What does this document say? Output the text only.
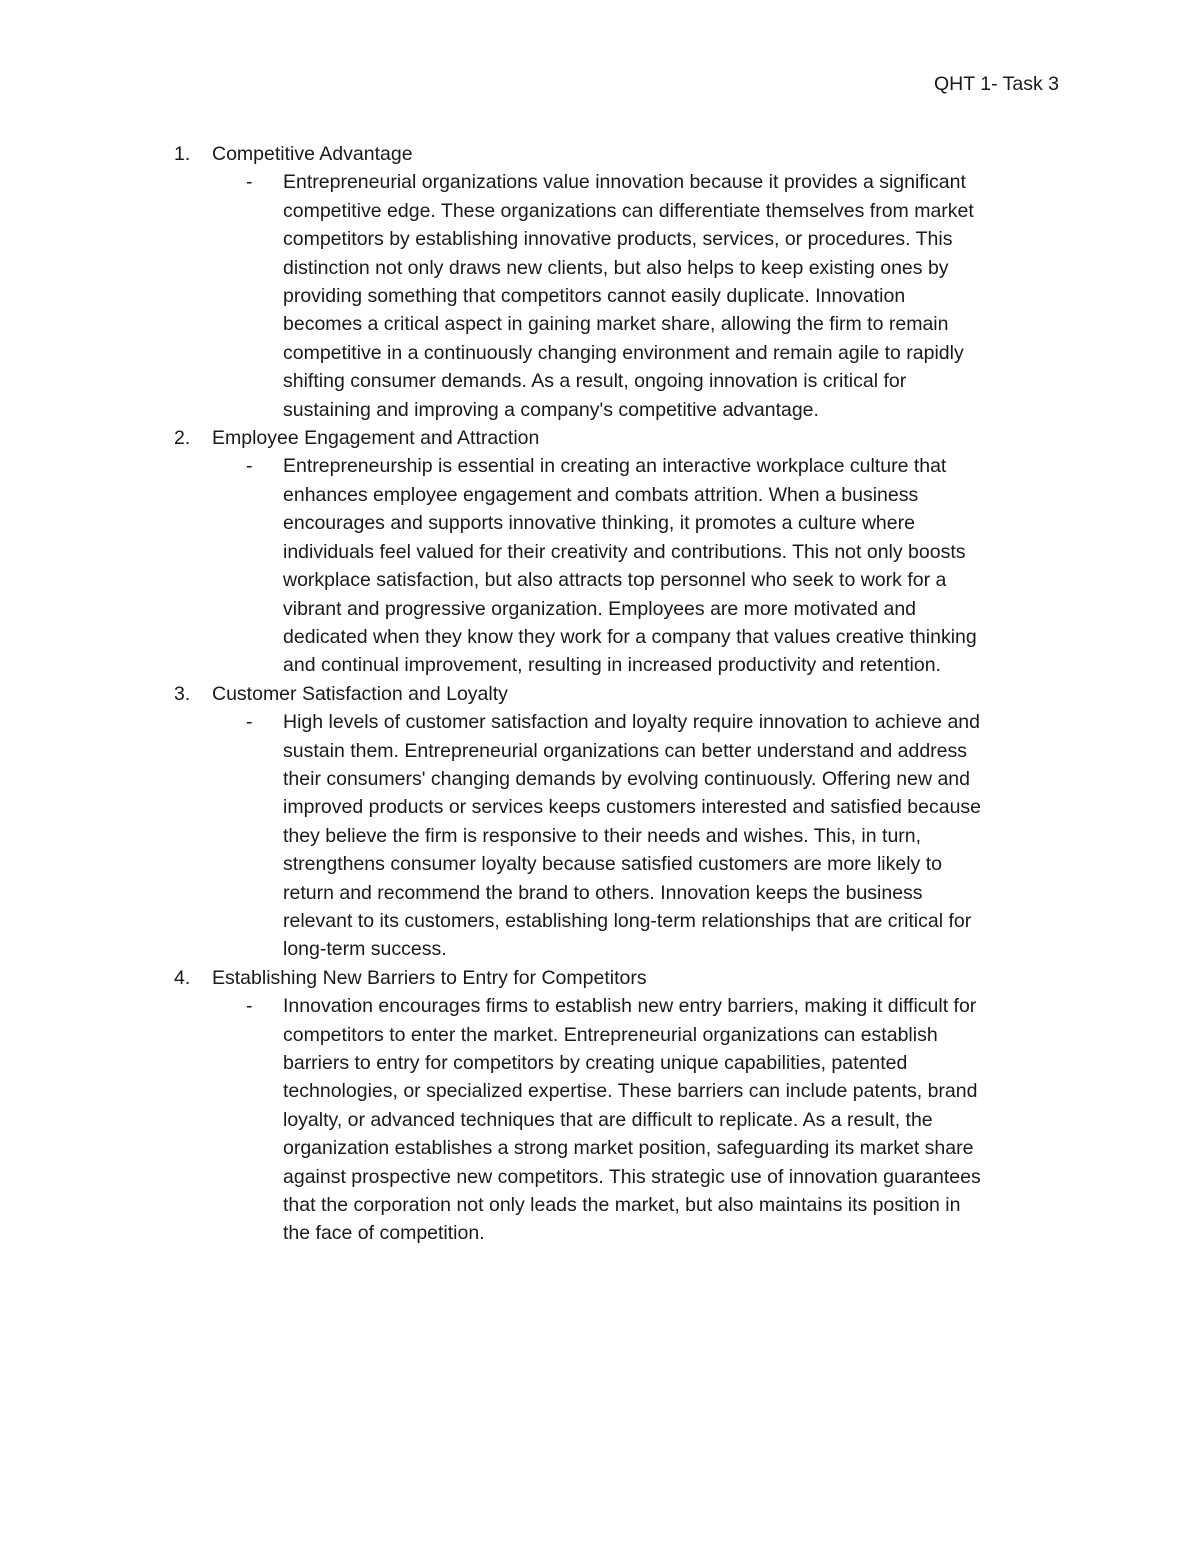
QHT 1- Task 3
1. Competitive Advantage
- Entrepreneurial organizations value innovation because it provides a significant
competitive edge. These organizations can differentiate themselves from market
competitors by establishing innovative products, services, or procedures. This
distinction not only draws new clients, but also helps to keep existing ones by
providing something that competitors cannot easily duplicate. Innovation
becomes a critical aspect in gaining market share, allowing the firm to remain
competitive in a continuously changing environment and remain agile to rapidly
shifting consumer demands. As a result, ongoing innovation is critical for
sustaining and improving a company's competitive advantage.
2. Employee Engagement and Attraction
- Entrepreneurship is essential in creating an interactive workplace culture that
enhances employee engagement and combats attrition. When a business
encourages and supports innovative thinking, it promotes a culture where
individuals feel valued for their creativity and contributions. This not only boosts
workplace satisfaction, but also attracts top personnel who seek to work for a
vibrant and progressive organization. Employees are more motivated and
dedicated when they know they work for a company that values creative thinking
and continual improvement, resulting in increased productivity and retention.
3. Customer Satisfaction and Loyalty
- High levels of customer satisfaction and loyalty require innovation to achieve and
sustain them. Entrepreneurial organizations can better understand and address
their consumers' changing demands by evolving continuously. Offering new and
improved products or services keeps customers interested and satisfied because
they believe the firm is responsive to their needs and wishes. This, in turn,
strengthens consumer loyalty because satisfied customers are more likely to
return and recommend the brand to others. Innovation keeps the business
relevant to its customers, establishing long-term relationships that are critical for
long-term success.
4. Establishing New Barriers to Entry for Competitors
- Innovation encourages firms to establish new entry barriers, making it difficult for
competitors to enter the market. Entrepreneurial organizations can establish
barriers to entry for competitors by creating unique capabilities, patented
technologies, or specialized expertise. These barriers can include patents, brand
loyalty, or advanced techniques that are difficult to replicate. As a result, the
organization establishes a strong market position, safeguarding its market share
against prospective new competitors. This strategic use of innovation guarantees
that the corporation not only leads the market, but also maintains its position in
the face of competition.
